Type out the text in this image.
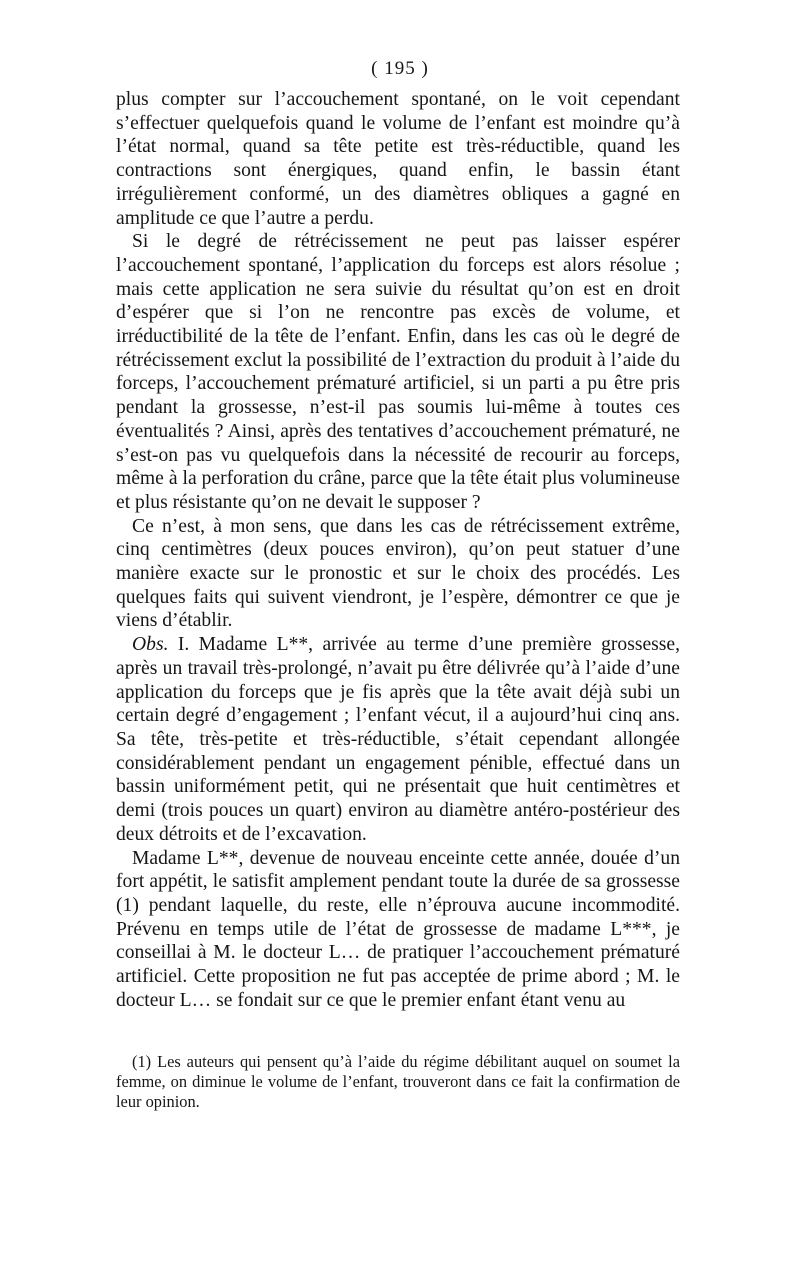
( 195 )

plus compter sur l’accouchement spontané, on le voit cependant s’effectuer quelquefois quand le volume de l’enfant est moindre qu’à l’état normal, quand sa tête petite est très-réductible, quand les contractions sont énergiques, quand enfin, le bassin étant irrégulièrement conformé, un des diamètres obliques a gagné en amplitude ce que l’autre a perdu.

Si le degré de rétrécissement ne peut pas laisser espérer l’accouchement spontané, l’application du forceps est alors résolue ; mais cette application ne sera suivie du résultat qu’on est en droit d’espérer que si l’on ne rencontre pas excès de volume, et irréductibilité de la tête de l’enfant. Enfin, dans les cas où le degré de rétrécissement exclut la possibilité de l’extraction du produit à l’aide du forceps, l’accouchement prématuré artificiel, si un parti a pu être pris pendant la grossesse, n’est-il pas soumis lui-même à toutes ces éventualités ? Ainsi, après des tentatives d’accouchement prématuré, ne s’est-on pas vu quelquefois dans la nécessité de recourir au forceps, même à la perforation du crâne, parce que la tête était plus volumineuse et plus résistante qu’on ne devait le supposer ?

Ce n’est, à mon sens, que dans les cas de rétrécissement extrême, cinq centimètres (deux pouces environ), qu’on peut statuer d’une manière exacte sur le pronostic et sur le choix des procédés. Les quelques faits qui suivent viendront, je l’espère, démontrer ce que je viens d’établir.

Obs. I. Madame L**, arrivée au terme d’une première grossesse, après un travail très-prolongé, n’avait pu être délivrée qu’à l’aide d’une application du forceps que je fis après que la tête avait déjà subi un certain degré d’engagement ; l’enfant vécut, il a aujourd’hui cinq ans. Sa tête, très-petite et très-réductible, s’était cependant allongée considérablement pendant un engagement pénible, effectué dans un bassin uniformément petit, qui ne présentait que huit centimètres et demi (trois pouces un quart) environ au diamètre antéro-postérieur des deux détroits et de l’excavation.

Madame L**, devenue de nouveau enceinte cette année, douée d’un fort appétit, le satisfit amplement pendant toute la durée de sa grossesse (1) pendant laquelle, du reste, elle n’éprouva aucune incommodité. Prévenu en temps utile de l’état de grossesse de madame L***, je conseillai à M. le docteur L… de pratiquer l’accouchement prématuré artificiel. Cette proposition ne fut pas acceptée de prime abord ; M. le docteur L… se fondait sur ce que le premier enfant étant venu au

(1) Les auteurs qui pensent qu’à l’aide du régime débilitant auquel on soumet la femme, on diminue le volume de l’enfant, trouveront dans ce fait la confirmation de leur opinion.
